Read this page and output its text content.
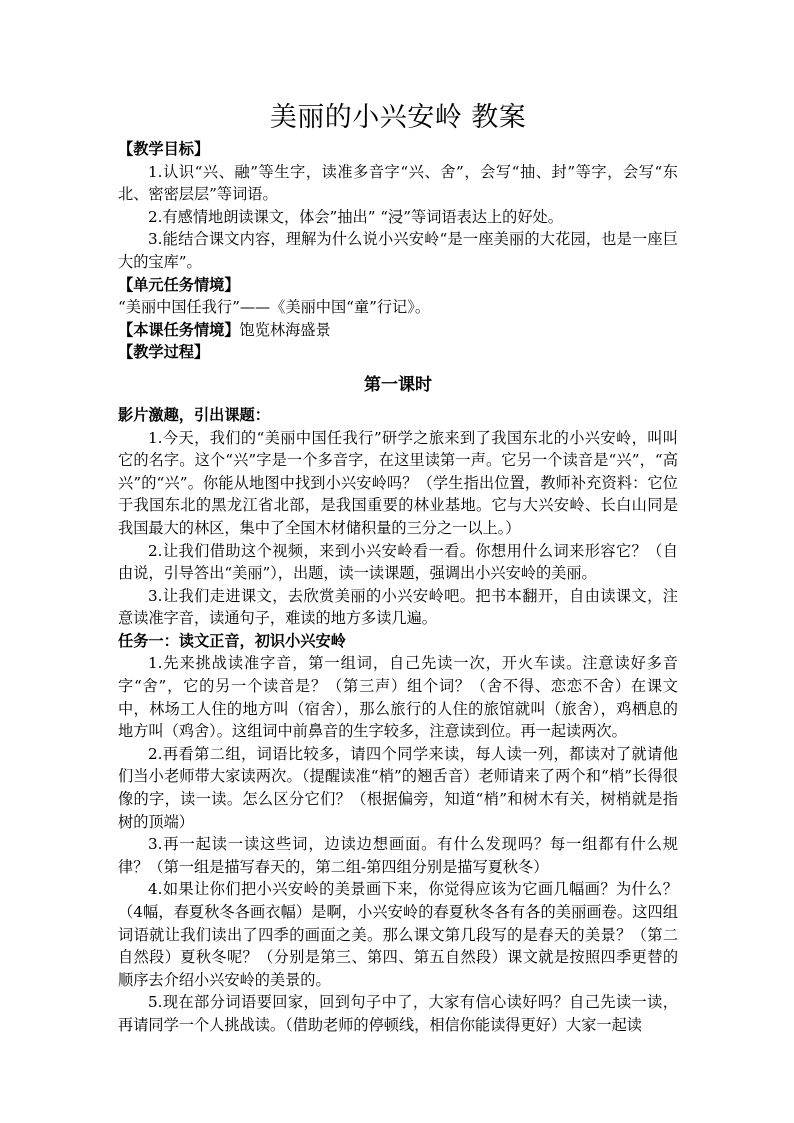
美丽的小兴安岭 教案

【教学目标】

1.认识“兴、融”等生字，读准多音字“兴、舍”，会写“抽、封”等字，会写“东北、密密层层”等词语。

2.有感情地朗读课文，体会”抽出” “浸”等词语表达上的好处。

3.能结合课文内容，理解为什么说小兴安岭“是一座美丽的大花园，也是一座巨大的宝库”。

【单元任务情境】

“美丽中国任我行”——《美丽中国“童”行记》。

【本课任务情境】饱览林海盛景

【教学过程】

第一课时

影片激趣，引出课题：

1.今天，我们的“美丽中国任我行”研学之旅来到了我国东北的小兴安岭，叫叫它的名字。这个“兴”字是一个多音字，在这里读第一声。它另一个读音是“兴”，“高兴”的“兴”。你能从地图中找到小兴安岭吗？（学生指出位置，教师补充资料：它位于我国东北的黑龙江省北部，是我国重要的林业基地。它与大兴安岭、长白山同是我国最大的林区，集中了全国木材储积量的三分之一以上。）

2.让我们借助这个视频，来到小兴安岭看一看。你想用什么词来形容它？（自由说，引导答出“美丽”），出题，读一读课题，强调出小兴安岭的美丽。

3.让我们走进课文，去欣赏美丽的小兴安岭吧。把书本翻开，自由读课文，注意读准字音，读通句子，难读的地方多读几遍。

任务一：读文正音，初识小兴安岭

1.先来挑战读准字音，第一组词，自己先读一次，开火车读。注意读好多音字“舍”，它的另一个读音是？（第三声）组个词？（舍不得、恋恋不舍）在课文中，林场工人住的地方叫（宿舍），那么旅行的人住的旅馆就叫（旅舍），鸡栖息的地方叫（鸡舍）。这组词中前鼻音的生字较多，注意读到位。再一起读两次。

2.再看第二组，词语比较多，请四个同学来读，每人读一列，都读对了就请他们当小老师带大家读两次。（提醒读准“梢”的翘舌音）老师请来了两个和“梢”长得很像的字，读一读。怎么区分它们？（根据偏旁，知道“梢”和树木有关，树梢就是指树的顶端）

3.再一起读一读这些词，边读边想画面。有什么发现吗？每一组都有什么规律？（第一组是描写春天的，第二组-第四组分别是描写夏秋冬）

4.如果让你们把小兴安岭的美景画下来，你觉得应该为它画几幅画？为什么？（4幅，春夏秋冬各画衣幅）是啊，小兴安岭的春夏秋冬各有各的美丽画卷。这四组词语就让我们读出了四季的画面之美。那么课文第几段写的是春天的美景？（第二自然段）夏秋冬呢？（分别是第三、第四、第五自然段）课文就是按照四季更替的顺序去介绍小兴安岭的美景的。

5.现在部分词语要回家，回到句子中了，大家有信心读好吗？自己先读一读，再请同学一个人挑战读。（借助老师的停顿线，相信你能读得更好）大家一起读
